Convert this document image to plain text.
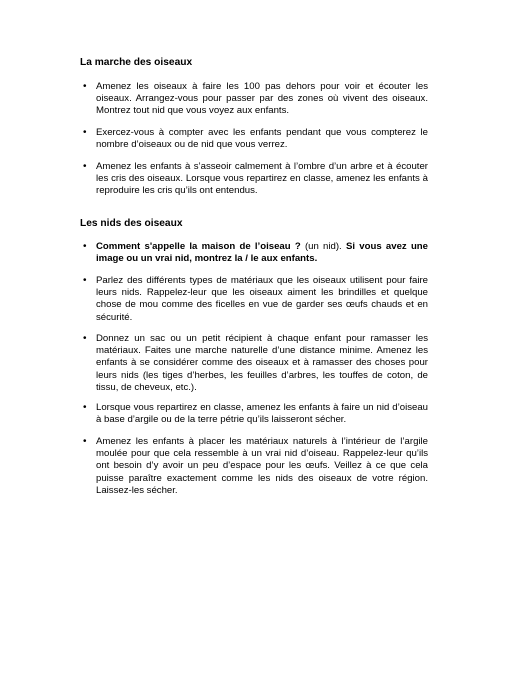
La marche des oiseaux
• Amenez les oiseaux à faire les 100 pas dehors pour voir et écouter les oiseaux. Arrangez-vous pour passer par des zones où vivent des oiseaux. Montrez tout nid que vous voyez aux enfants.
• Exercez-vous à compter avec les enfants pendant que vous compterez le nombre d’oiseaux ou de nid que vous verrez.
• Amenez les enfants à s’asseoir calmement à l’ombre d’un arbre et à écouter les cris des oiseaux. Lorsque vous repartirez en classe, amenez les enfants à reproduire les cris qu’ils ont entendus.
Les nids des oiseaux
• Comment s'appelle la maison de l’oiseau ? (un nid). Si vous avez une image ou un vrai nid, montrez la / le aux enfants.
• Parlez des différents types de matériaux que les oiseaux utilisent pour faire leurs nids. Rappelez-leur que les oiseaux aiment les brindilles et quelque chose de mou comme des ficelles en vue de garder ses œufs chauds et en sécurité.
• Donnez un sac ou un petit récipient à chaque enfant pour ramasser les matériaux. Faites une marche naturelle d’une distance minime. Amenez les enfants à se considérer comme des oiseaux et à ramasser des choses pour leurs nids (les tiges d’herbes, les feuilles d’arbres, les touffes de coton, de tissu, de cheveux, etc.).
• Lorsque vous repartirez en classe, amenez les enfants à faire un nid d’oiseau à base d’argile ou de la terre pétrie qu’ils laisseront sécher.
• Amenez les enfants à placer les matériaux naturels à l’intérieur de l’argile moulée pour que cela ressemble à un vrai nid d’oiseau. Rappelez-leur qu’ils ont besoin d’y avoir un peu d’espace pour les œufs. Veillez à ce que cela puisse paraître exactement comme les nids des oiseaux de votre région. Laissez-les sécher.
